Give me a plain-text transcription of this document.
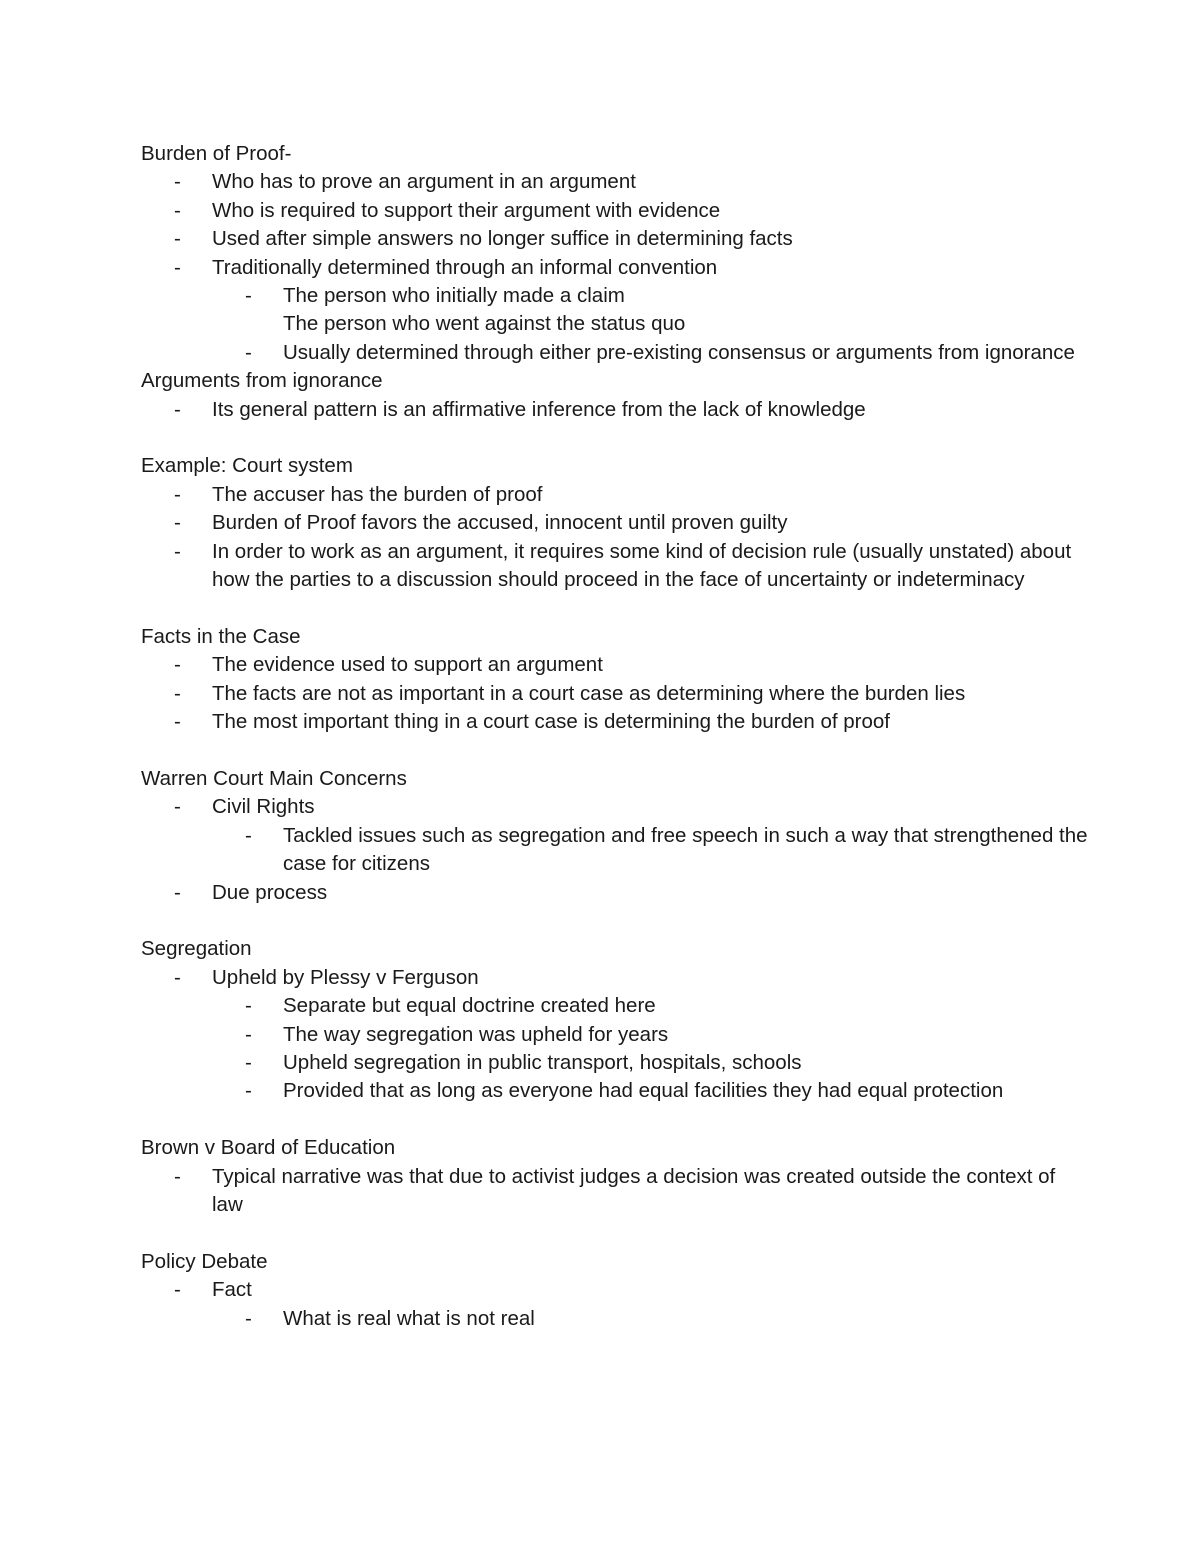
Burden of Proof-
- Who has to prove an argument in an argument
- Who is required to support their argument with evidence
- Used after simple answers no longer suffice in determining facts
- Traditionally determined through an informal convention
- The person who initially made a claim
The person who went against the status quo
- Usually determined through either pre-existing consensus or arguments from ignorance
Arguments from ignorance
- Its general pattern is an affirmative inference from the lack of knowledge
Example: Court system
- The accuser has the burden of proof
- Burden of Proof favors the accused, innocent until proven guilty
- In order to work as an argument, it requires some kind of decision rule (usually unstated) about how the parties to a discussion should proceed in the face of uncertainty or indeterminacy
Facts in the Case
- The evidence used to support an argument
- The facts are not as important in a court case as determining where the burden lies
- The most important thing in a court case is determining the burden of proof
Warren Court Main Concerns
- Civil Rights
- Tackled issues such as segregation and free speech in such a way that strengthened the case for citizens
- Due process
Segregation
- Upheld by Plessy v Ferguson
- Separate but equal doctrine created here
- The way segregation was upheld for years
- Upheld segregation in public transport, hospitals, schools
- Provided that as long as everyone had equal facilities they had equal protection
Brown v Board of Education
- Typical narrative was that due to activist judges a decision was created outside the context of law
Policy Debate
- Fact
- What is real what is not real
